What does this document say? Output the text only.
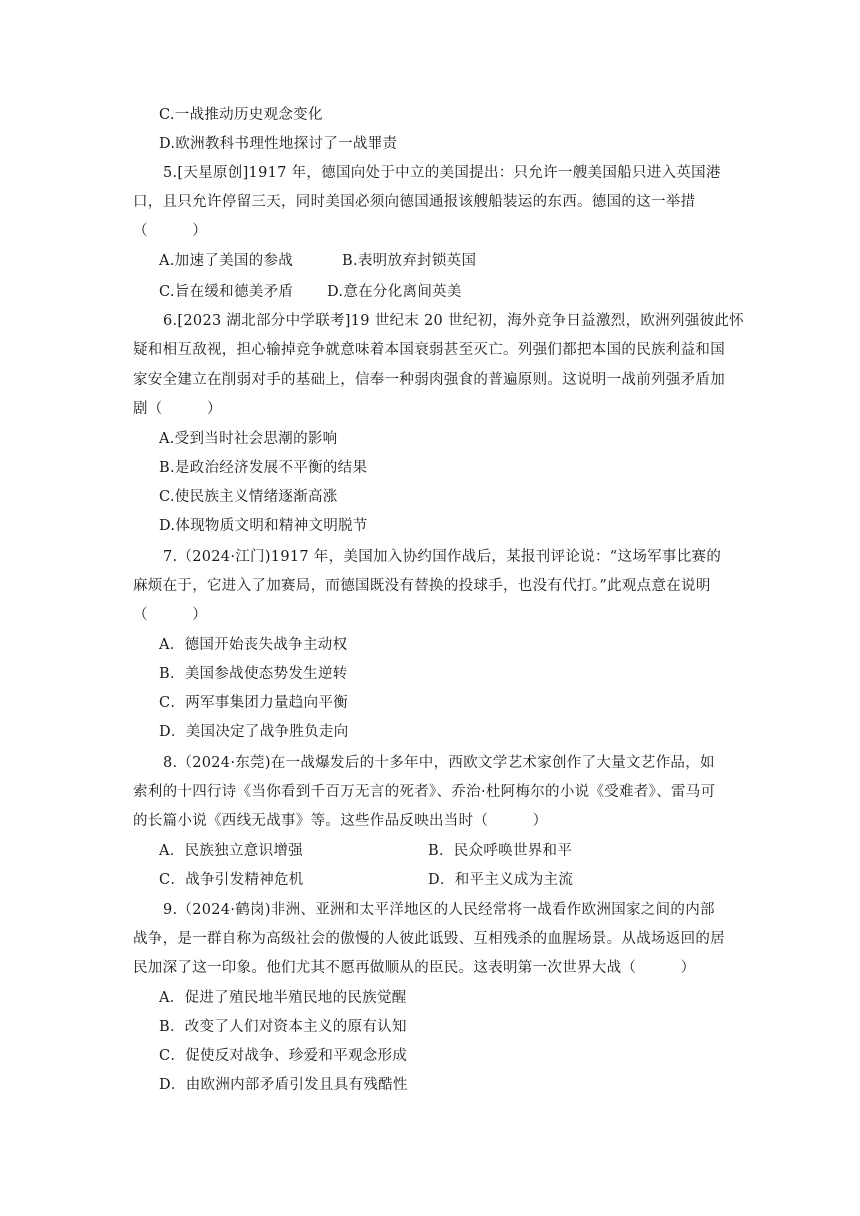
C.一战推动历史观念变化
D.欧洲教科书理性地探讨了一战罪责
5.[天星原创]1917 年，德国向处于中立的美国提出：只允许一艘美国船只进入英国港
口，且只允许停留三天，同时美国必须向德国通报该艘船装运的东西。德国的这一举措
（　　　）
A.加速了美国的参战	B.表明放弃封锁英国
C.旨在缓和德美矛盾 D.意在分化离间英美
6.[2023 湖北部分中学联考]19 世纪末 20 世纪初，海外竞争日益激烈，欧洲列强彼此怀
疑和相互敌视，担心输掉竞争就意味着本国衰弱甚至灭亡。列强们都把本国的民族利益和国
家安全建立在削弱对手的基础上，信奉一种弱肉强食的普遍原则。这说明一战前列强矛盾加
剧（　　　）
A.受到当时社会思潮的影响
B.是政治经济发展不平衡的结果
C.使民族主义情绪逐渐高涨
D.体现物质文明和精神文明脱节
7.（2024·江门)1917 年，美国加入协约国作战后，某报刊评论说：“这场军事比赛的
麻烦在于，它进入了加赛局，而德国既没有替换的投球手，也没有代打。”此观点意在说明
（　　　）
A．德国开始丧失战争主动权
B．美国参战使态势发生逆转
C．两军事集团力量趋向平衡
D．美国决定了战争胜负走向
8.（2024·东莞)在一战爆发后的十多年中，西欧文学艺术家创作了大量文艺作品，如
索利的十四行诗《当你看到千百万无言的死者》、乔治·杜阿梅尔的小说《受难者》、雷马可
的长篇小说《西线无战事》等。这些作品反映出当时（　　　）
A．民族独立意识增强	B．民众呼唤世界和平
C．战争引发精神危机	D．和平主义成为主流
9.（2024·鹤岗)非洲、亚洲和太平洋地区的人民经常将一战看作欧洲国家之间的内部
战争，是一群自称为高级社会的傲慢的人彼此诋毁、互相残杀的血腥场景。从战场返回的居
民加深了这一印象。他们尤其不愿再做顺从的臣民。这表明第一次世界大战（　　　）
A．促进了殖民地半殖民地的民族觉醒
B．改变了人们对资本主义的原有认知
C．促使反对战争、珍爱和平观念形成
D．由欧洲内部矛盾引发且具有残酷性
